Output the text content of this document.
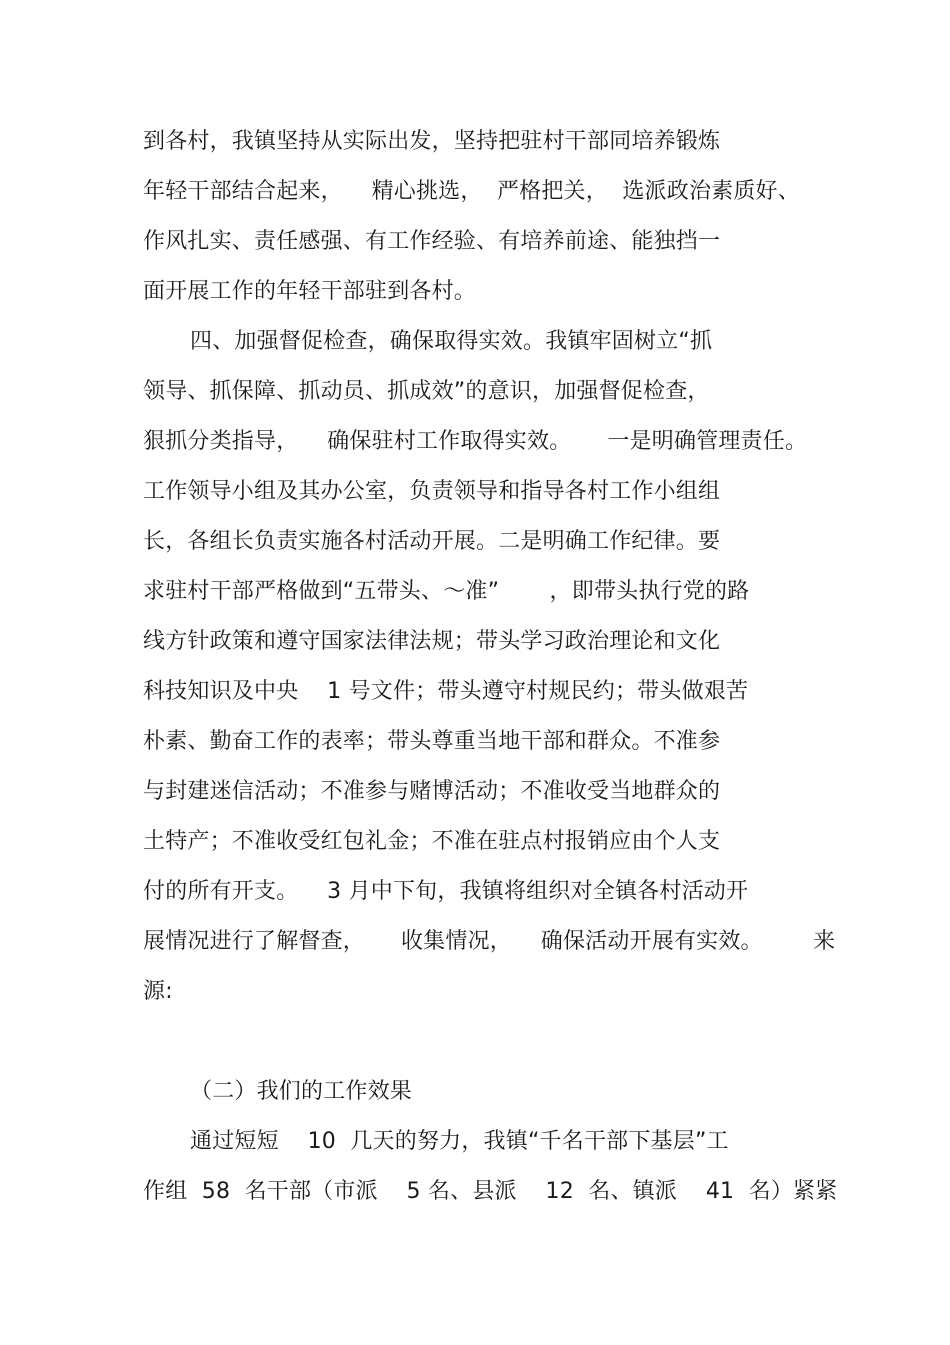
到各村，我镇坚持从实际出发，坚持把驻村干部同培养锻炼
年轻干部结合起来，    精心挑选，  严格把关，  选派政治素质好、
作风扎实、责任感强、有工作经验、有培养前途、能独挡一
面开展工作的年轻干部驻到各村。
四、加强督促检查，确保取得实效。我镇牢固树立“抓
领导、抓保障、抓动员、抓成效”的意识，加强督促检查，
狠抓分类指导，    确保驻村工作取得实效。     一是明确管理责任。
工作领导小组及其办公室，负责领导和指导各村工作小组组
长，各组长负责实施各村活动开展。二是明确工作纪律。要
求驻村干部严格做到“五带头、～准”       ，即带头执行党的路
线方针政策和遵守国家法律法规；带头学习政治理论和文化
科技知识及中央    1 号文件；带头遵守村规民约；带头做艰苦
朴素、勤奋工作的表率；带头尊重当地干部和群众。不准参
与封建迷信活动；不准参与赌博活动；不准收受当地群众的
土特产；不准收受红包礼金；不准在驻点村报销应由个人支
付的所有开支。    3 月中下旬，我镇将组织对全镇各村活动开
展情况进行了解督查，     收集情况，    确保活动开展有实效。       来
源:
（二）我们的工作效果
通过短短    10  几天的努力，我镇“千名干部下基层”工
作组  58  名干部（市派    5 名、县派    12  名、镇派    41  名）紧紧
